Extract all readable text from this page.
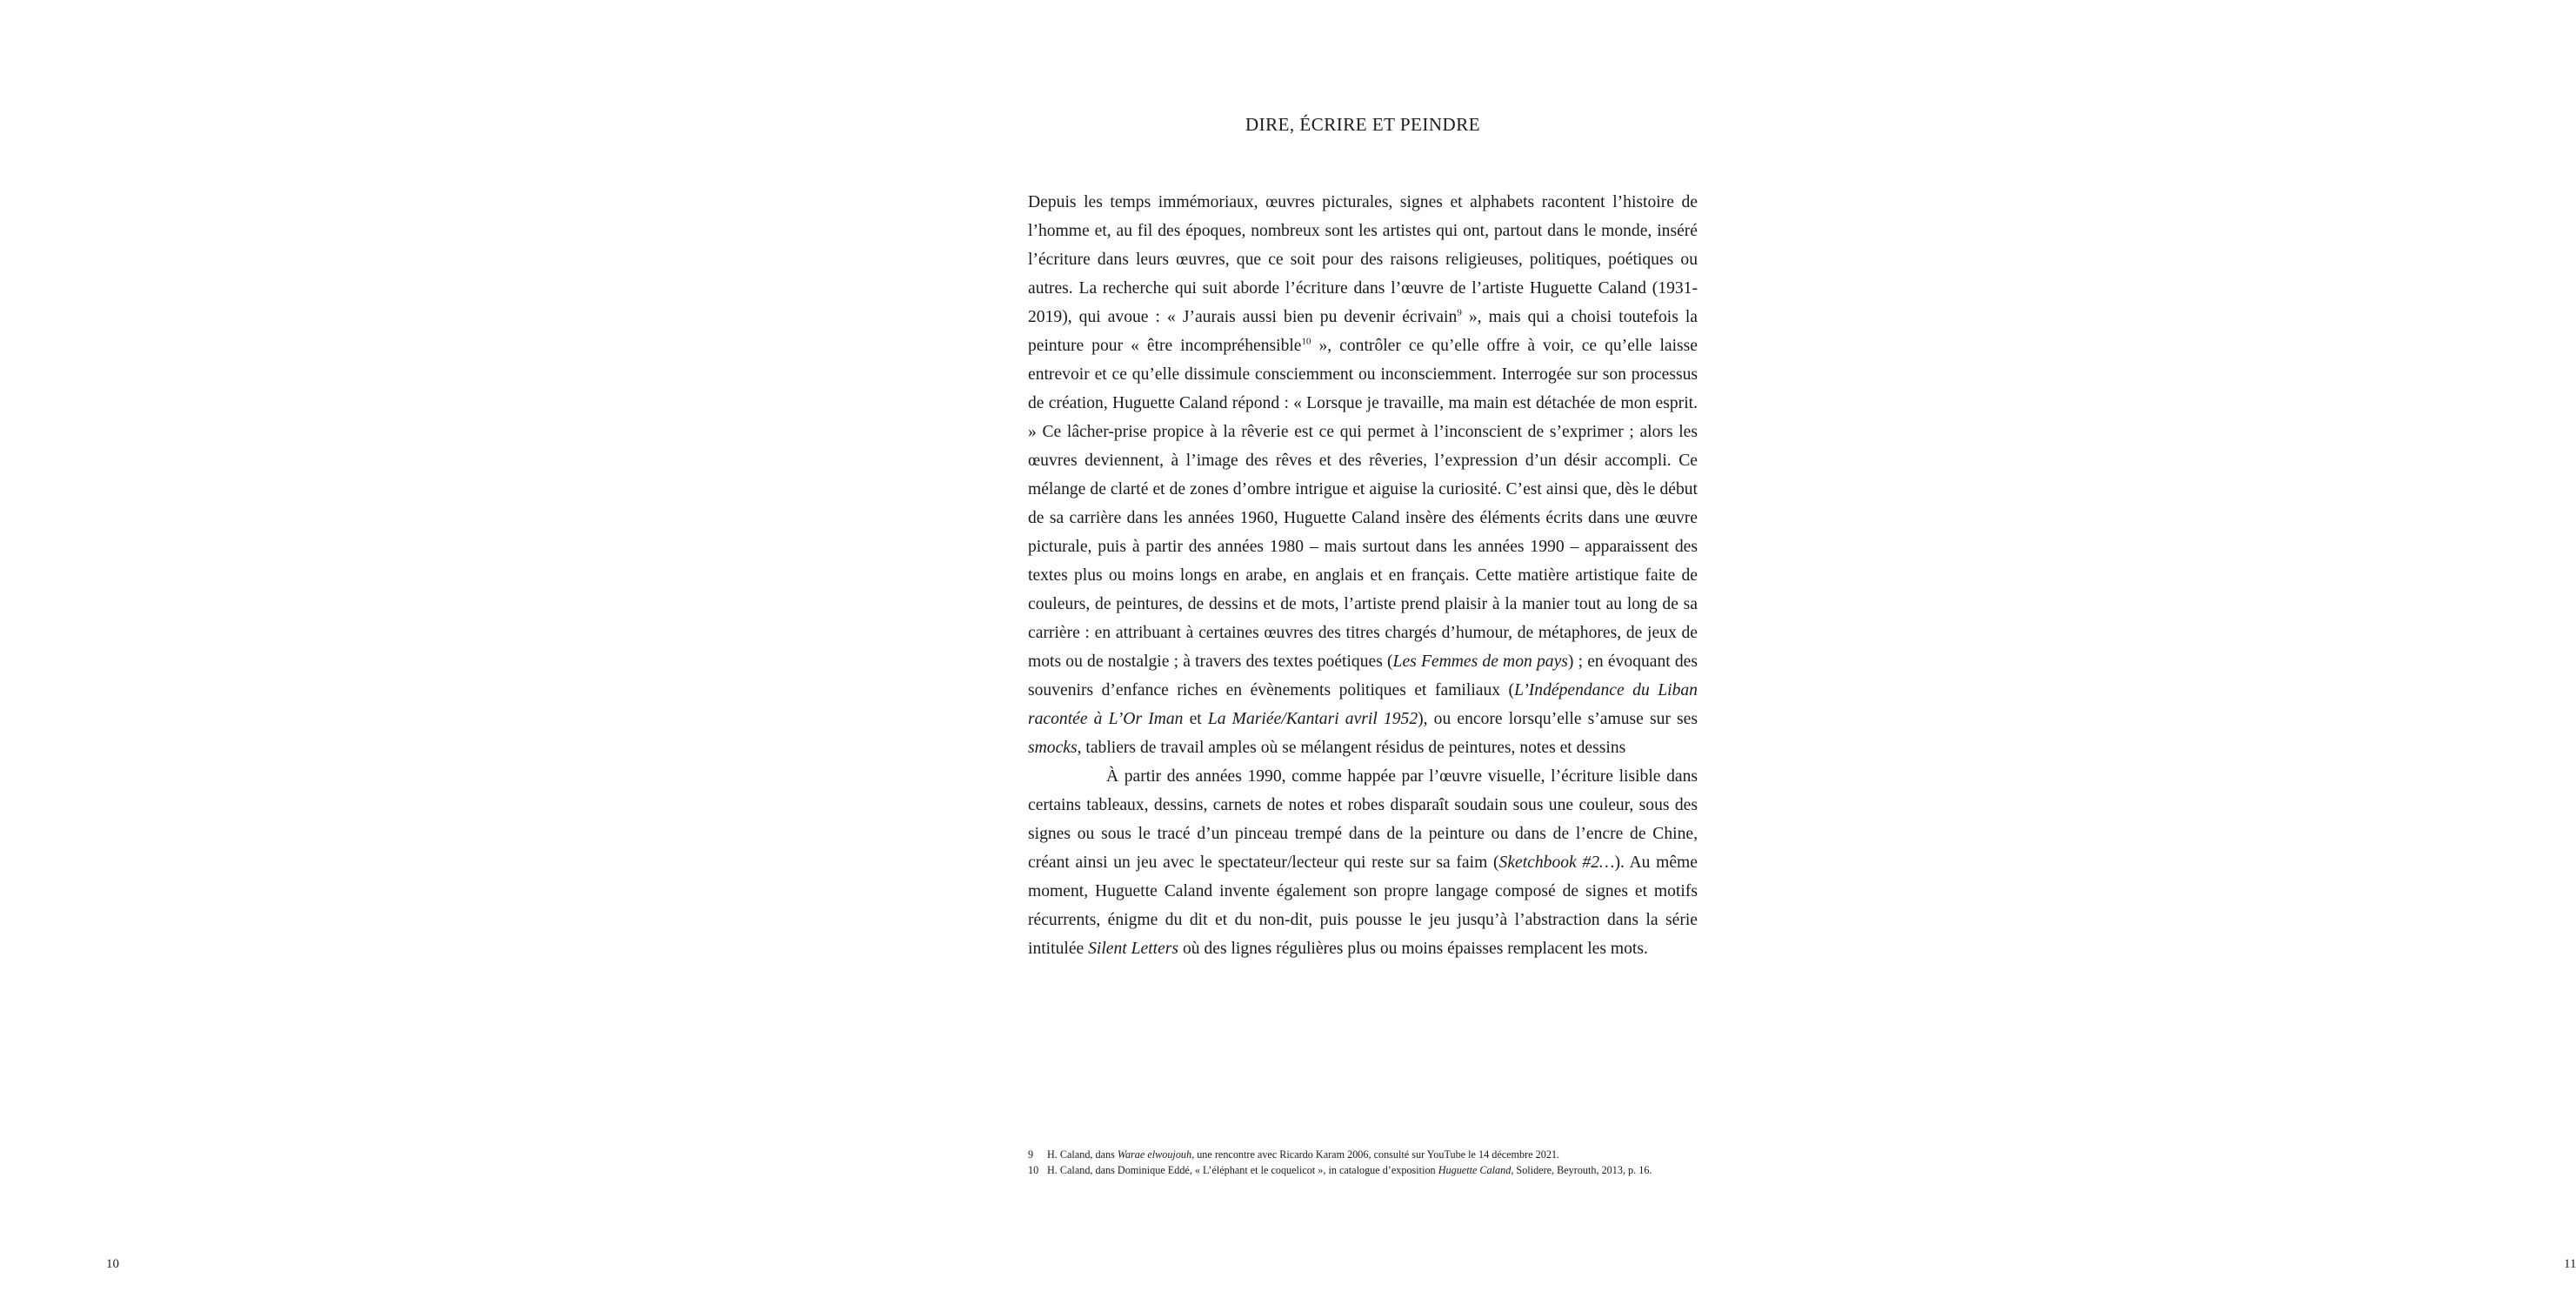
10	11
DIRE, ÉCRIRE ET PEINDRE

Depuis les temps immémoriaux, œuvres picturales, signes et alphabets racontent l’histoire de l’homme et, au fil des époques, nombreux sont les artistes qui ont, partout dans le monde, inséré l’écriture dans leurs œuvres, que ce soit pour des raisons religieuses, politiques, poétiques ou autres. La recherche qui suit aborde l’écriture dans l’œuvre de l’artiste Huguette Caland (1931-2019), qui avoue : « J’aurais aussi bien pu devenir écrivain$^9$ », mais qui a choisi toutefois la peinture pour « être incompréhensible$^{10}$ », contrôler ce qu’elle offre à voir, ce qu’elle laisse entrevoir et ce qu’elle dissimule consciemment ou inconsciemment. Interrogée sur son processus de création, Huguette Caland répond : « Lorsque je travaille, ma main est détachée de mon esprit. » Ce lâcher-prise propice à la rêverie est ce qui permet à l’inconscient de s’exprimer ; alors les œuvres deviennent, à l’image des rêves et des rêveries, l’expression d’un désir accompli. Ce mélange de clarté et de zones d’ombre intrigue et aiguise la curiosité. C’est ainsi que, dès le début de sa carrière dans les années 1960, Huguette Caland insère des éléments écrits dans une œuvre picturale, puis à partir des années 1980 – mais surtout dans les années 1990 – apparaissent des textes plus ou moins longs en arabe, en anglais et en français. Cette matière artistique faite de couleurs, de peintures, de dessins et de mots, l’artiste prend plaisir à la manier tout au long de sa carrière : en attribuant à certaines œuvres des titres chargés d’humour, de métaphores, de jeux de mots ou de nostalgie ; à travers des textes poétiques (Les Femmes de mon pays) ; en évoquant des souvenirs d’enfance riches en évènements politiques et familiaux (L’Indépendance du Liban racontée à L’Or Iman et La Mariée/Kantari avril 1952), ou encore lorsqu’elle s’amuse sur ses smocks, tabliers de travail amples où se mélangent résidus de peintures, notes et dessins

À partir des années 1990, comme happée par l’œuvre visuelle, l’écriture lisible dans certains tableaux, dessins, carnets de notes et robes disparaît soudain sous une couleur, sous des signes ou sous le tracé d’un pinceau trempé dans de la peinture ou dans de l’encre de Chine, créant ainsi un jeu avec le spectateur/lecteur qui reste sur sa faim (Sketchbook #2…). Au même moment, Huguette Caland invente également son propre langage composé de signes et motifs récurrents, énigme du dit et du non-dit, puis pousse le jeu jusqu’à l’abstraction dans la série intitulée Silent Letters où des lignes régulières plus ou moins épaisses remplacent les mots.

9	H. Caland, dans Warae elwoujouh, une rencontre avec Ricardo Karam 2006, consulté sur YouTube le 14 décembre 2021.
10 H. Caland, dans Dominique Eddé, « L’éléphant et le coquelicot », in catalogue d’exposition Huguette Caland, Solidere, Beyrouth, 2013, p. 16.
